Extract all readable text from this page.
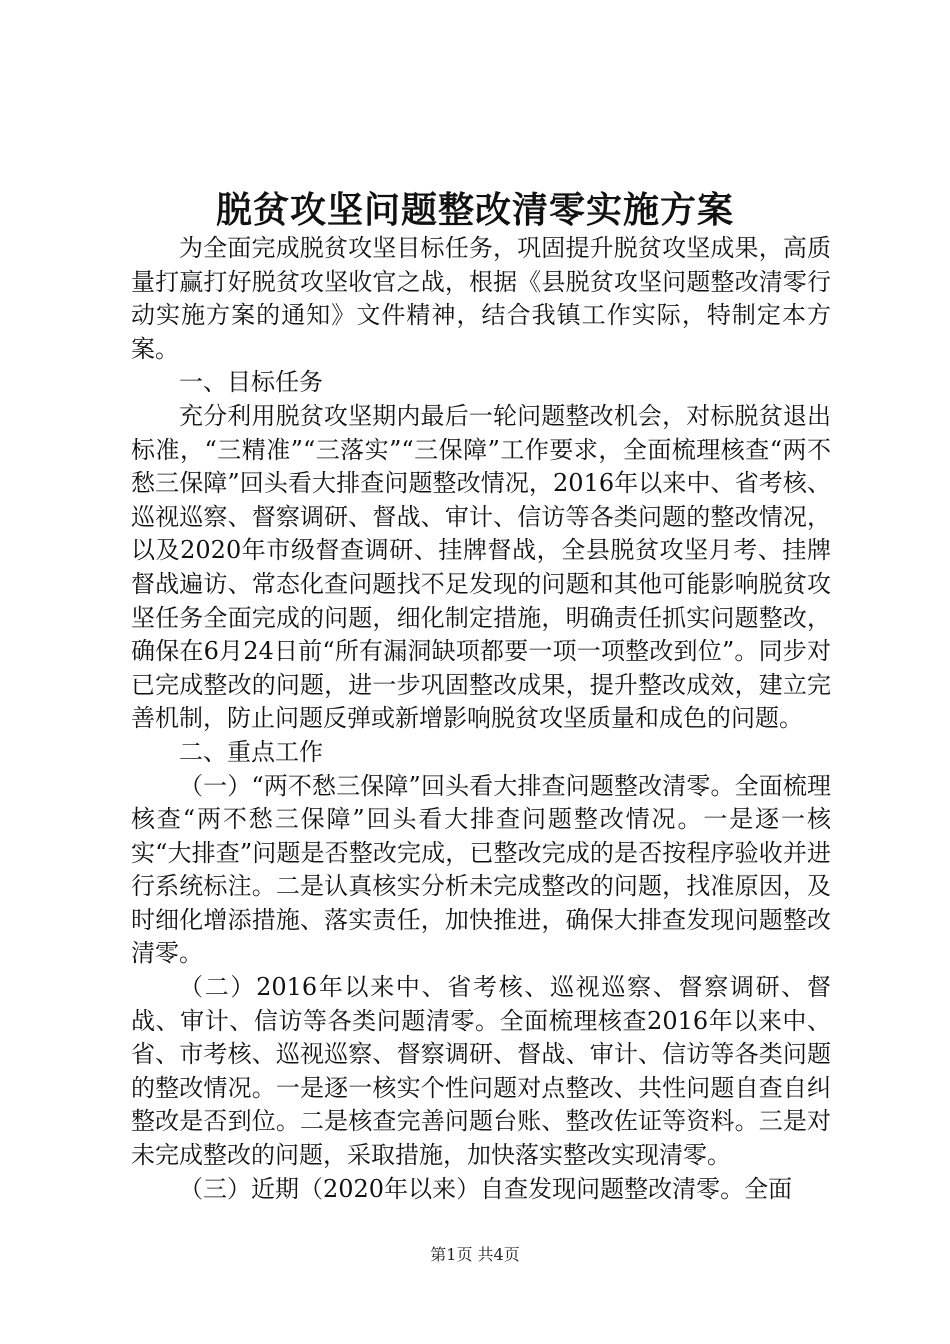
脱贫攻坚问题整改清零实施方案

为全面完成脱贫攻坚目标任务，巩固提升脱贫攻坚成果，高质量打赢打好脱贫攻坚收官之战，根据《县脱贫攻坚问题整改清零行动实施方案的通知》文件精神，结合我镇工作实际，特制定本方案。

一、目标任务

充分利用脱贫攻坚期内最后一轮问题整改机会，对标脱贫退出标准，“三精准”“三落实”“三保障”工作要求，全面梳理核查“两不愁三保障”回头看大排查问题整改情况，2016年以来中、省考核、巡视巡察、督察调研、督战、审计、信访等各类问题的整改情况，以及2020年市级督查调研、挂牌督战，全县脱贫攻坚月考、挂牌督战遍访、常态化查问题找不足发现的问题和其他可能影响脱贫攻坚任务全面完成的问题，细化制定措施，明确责任抓实问题整改，确保在6月24日前“所有漏洞缺项都要一项一项整改到位”。同步对已完成整改的问题，进一步巩固整改成果，提升整改成效，建立完善机制，防止问题反弹或新增影响脱贫攻坚质量和成色的问题。

二、重点工作

（一）“两不愁三保障”回头看大排查问题整改清零。全面梳理核查“两不愁三保障”回头看大排查问题整改情况。一是逐一核实“大排查”问题是否整改完成，已整改完成的是否按程序验收并进行系统标注。二是认真核实分析未完成整改的问题，找准原因，及时细化增添措施、落实责任，加快推进，确保大排查发现问题整改清零。

（二）2016年以来中、省考核、巡视巡察、督察调研、督战、审计、信访等各类问题清零。全面梳理核查2016年以来中、省、市考核、巡视巡察、督察调研、督战、审计、信访等各类问题的整改情况。一是逐一核实个性问题对点整改、共性问题自查自纠整改是否到位。二是核查完善问题台账、整改佐证等资料。三是对未完成整改的问题，采取措施，加快落实整改实现清零。

（三）近期（2020年以来）自查发现问题整改清零。全面

第1页 共4页
